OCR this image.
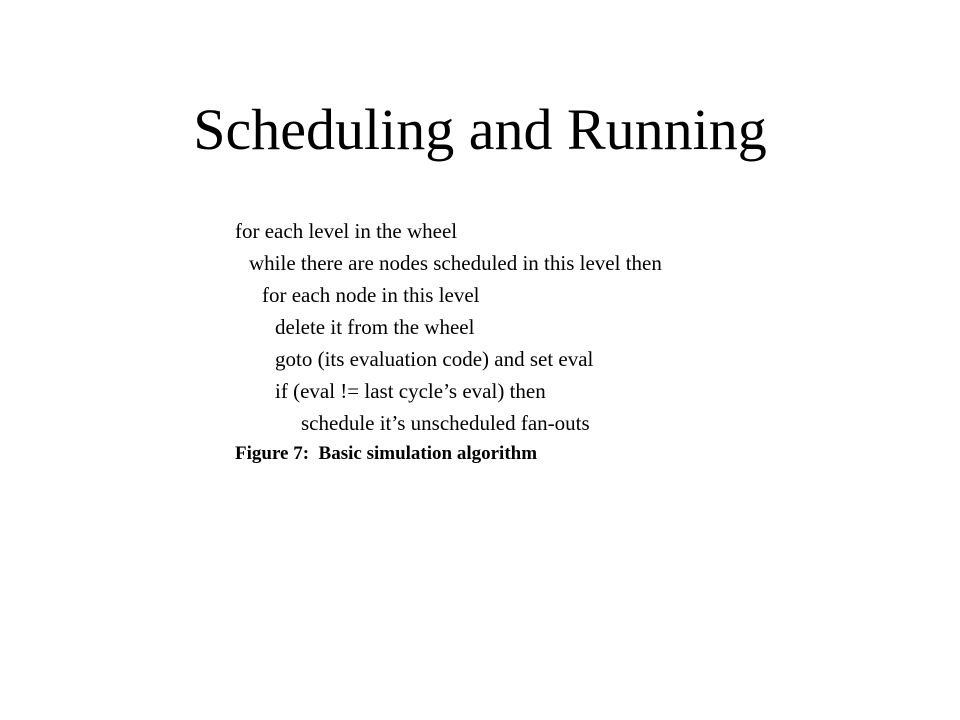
Scheduling and Running
for each level in the wheel
while there are nodes scheduled in this level then
for each node in this level
delete it from the wheel
goto (its evaluation code) and set eval
if (eval != last cycle’s eval) then
schedule it’s unscheduled fan-outs
Figure 7:  Basic simulation algorithm
